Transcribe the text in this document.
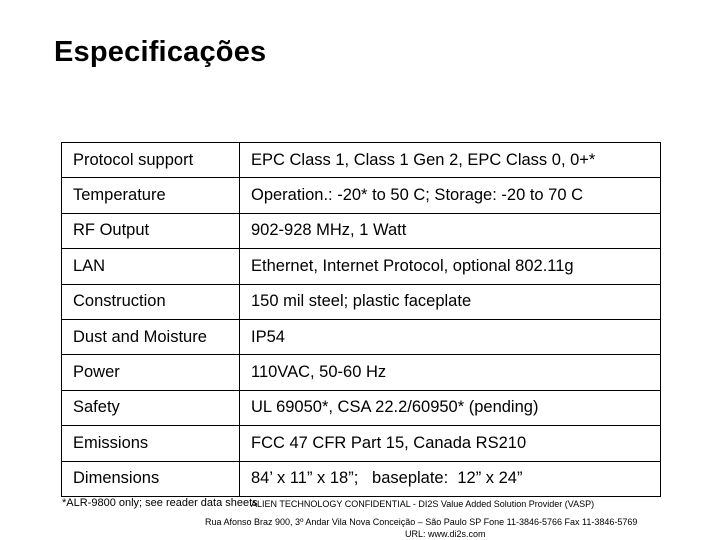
Especificações
Protocol support	EPC Class 1, Class 1 Gen 2, EPC Class 0, 0+*
Temperature	Operation.: -20* to 50 C; Storage: -20 to 70 C
RF Output	902-928 MHz, 1 Watt
LAN	Ethernet, Internet Protocol, optional 802.11g
Construction	150 mil steel; plastic faceplate
Dust and Moisture	IP54
Power	110VAC, 50-60 Hz
Safety	UL 69050*, CSA 22.2/60950* (pending)
Emissions	FCC 47 CFR Part 15, Canada RS210
Dimensions	84’ x 11” x 18”;   baseplate:  12” x 24”
*ALR-9800 only; see reader data sheets
ALIEN TECHNOLOGY CONFIDENTIAL - DI2S Value Added Solution Provider (VASP)
Rua Afonso Braz 900, 3º Andar Vila Nova Conceição – São Paulo SP Fone 11-3846-5766 Fax 11-3846-5769
URL: www.di2s.com
